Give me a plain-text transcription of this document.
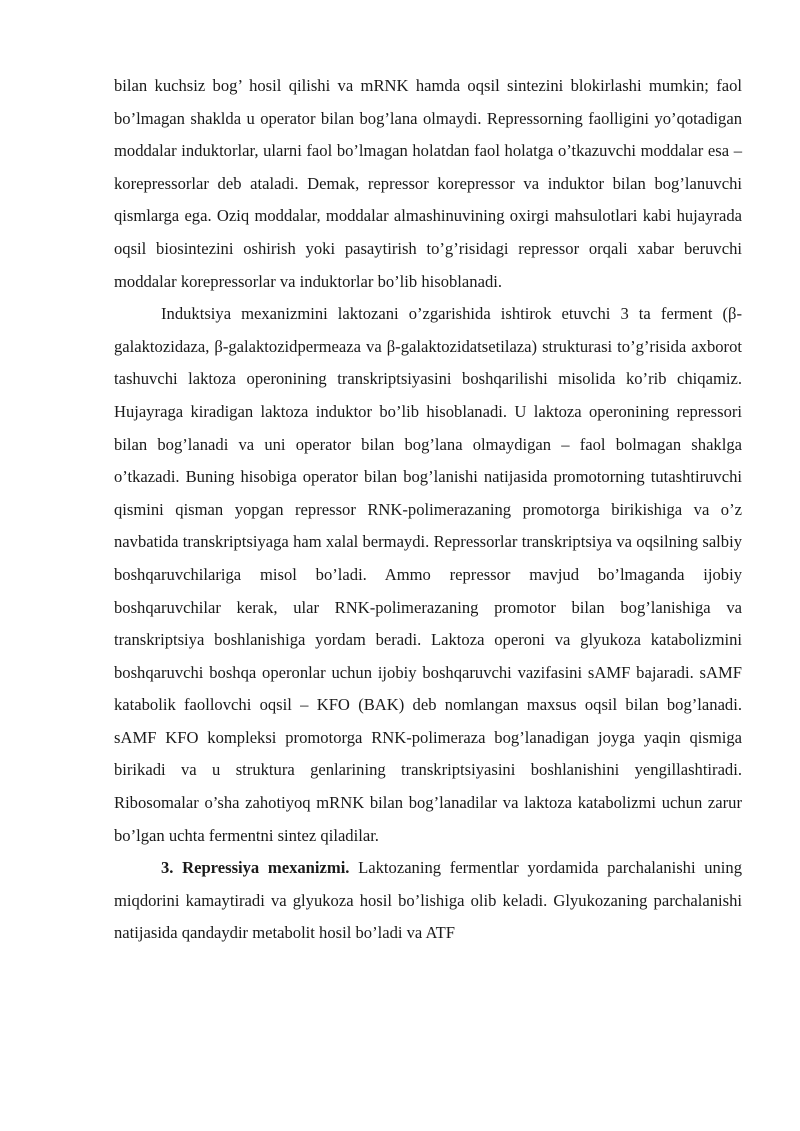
bilan kuchsiz bog’ hosil qilishi va mRNK hamda oqsil sintezini blokirlashi mumkin; faol bo’lmagan shaklda u operator bilan bog’lana olmaydi. Repressorning faolligini yo’qotadigan moddalar induktorlar, ularni faol bo’lmagan holatdan faol holatga o’tkazuvchi moddalar esa – korepressorlar deb ataladi. Demak, repressor korepressor va induktor bilan bog’lanuvchi qismlarga ega. Oziq moddalar, moddalar almashinuvining oxirgi mahsulotlari kabi hujayrada oqsil biosintezini oshirish yoki pasaytirish to’g’risidagi repressor orqali xabar beruvchi moddalar korepressorlar va induktorlar bo’lib hisoblanadi.

Induktsiya mexanizmini laktozani o’zgarishida ishtirok etuvchi 3 ta ferment (β-galaktozidaza, β-galaktozidpermeaza va β-galaktozidatsetilaza) strukturasi to’g’risida axborot tashuvchi laktoza operonining transkriptsiyasini boshqarilishi misolida ko’rib chiqamiz. Hujayraga kiradigan laktoza induktor bo’lib hisoblanadi. U laktoza operonining repressori bilan bog’lanadi va uni operator bilan bog’lana olmaydigan – faol bolmagan shaklga o’tkazadi. Buning hisobiga operator bilan bog’lanishi natijasida promotorning tutashtiruvchi qismini qisman yopgan repressor RNK-polimerazaning promotorga birikishiga va o’z navbatida transkriptsiyaga ham xalal bermaydi. Repressorlar transkriptsiya va oqsilning salbiy boshqaruvchilariga misol bo’ladi. Ammo repressor mavjud bo’lmaganda ijobiy boshqaruvchilar kerak, ular RNK-polimerazaning promotor bilan bog’lanishiga va transkriptsiya boshlanishiga yordam beradi. Laktoza operoni va glyukoza katabolizmini boshqaruvchi boshqa operonlar uchun ijobiy boshqaruvchi vazifasini sAMF bajaradi. sAMF katabolik faollovchi oqsil – KFO (BAK) deb nomlangan maxsus oqsil bilan bog’lanadi. sAMF KFO kompleksi promotorga RNK-polimeraza bog’lanadigan joyga yaqin qismiga birikadi va u struktura genlarining transkriptsiyasini boshlanishini yengillashtiradi. Ribosomalar o’sha zahotiyoq mRNK bilan bog’lanadilar va laktoza katabolizmi uchun zarur bo’lgan uchta fermentni sintez qiladilar.

3. Repressiya mexanizmi. Laktozaning fermentlar yordamida parchalanishi uning miqdorini kamaytiradi va glyukoza hosil bo’lishiga olib keladi. Glyukozaning parchalanishi natijasida qandaydir metabolit hosil bo’ladi va ATF
